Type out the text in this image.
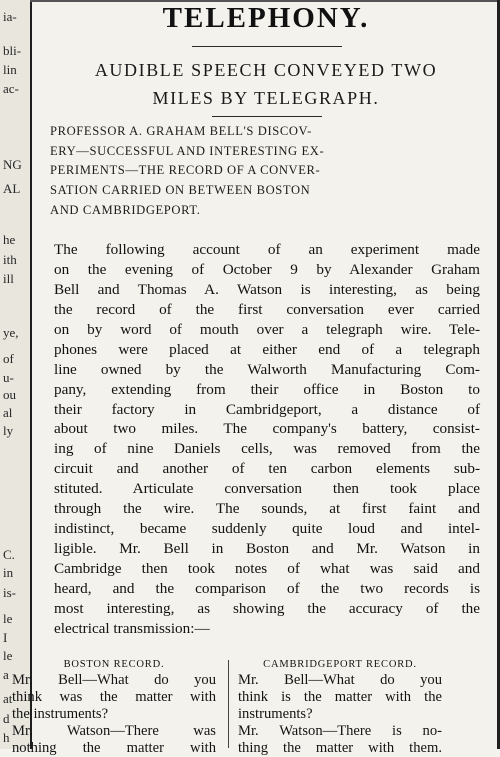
ia-
bli-
lin
ac-
NG
AL
he
ith
ill
ye,
of
u-
ou
al
ly
C.
in
is-
le
I
le
a
at
d
h
TELEPHONY.
AUDIBLE SPEECH CONVEYED TWO
MILES BY TELEGRAPH.
PROFESSOR A. GRAHAM BELL'S DISCOV-
ERY—SUCCESSFUL AND INTERESTING EX-
PERIMENTS—THE RECORD OF A CONVER-
SATION CARRIED ON BETWEEN BOSTON
AND CAMBRIDGEPORT.
The following account of an experiment made
on the evening of October 9 by Alexander Graham
Bell and Thomas A. Watson is interesting, as being
the record of the first conversation ever carried
on by word of mouth over a telegraph wire. Tele-
phones were placed at either end of a telegraph
line owned by the Walworth Manufacturing Com-
pany, extending from their office in Boston to
their factory in Cambridgeport, a distance of
about two miles. The company's battery, consist-
ing of nine Daniels cells, was removed from the
circuit and another of ten carbon elements sub-
stituted. Articulate conversation then took place
through the wire. The sounds, at first faint and
indistinct, became suddenly quite loud and intel-
ligible. Mr. Bell in Boston and Mr. Watson in
Cambridge then took notes of what was said and
heard, and the comparison of the two records is
most interesting, as showing the accuracy of the
electrical transmission:—
BOSTON RECORD.
Mr. Bell—What do you
think was the matter with
the instruments?
Mr. Watson—There was
nothing the matter with
CAMBRIDGEPORT RECORD.
Mr. Bell—What do you
think is the matter with the
instruments?
Mr. Watson—There is no-
thing the matter with them.
